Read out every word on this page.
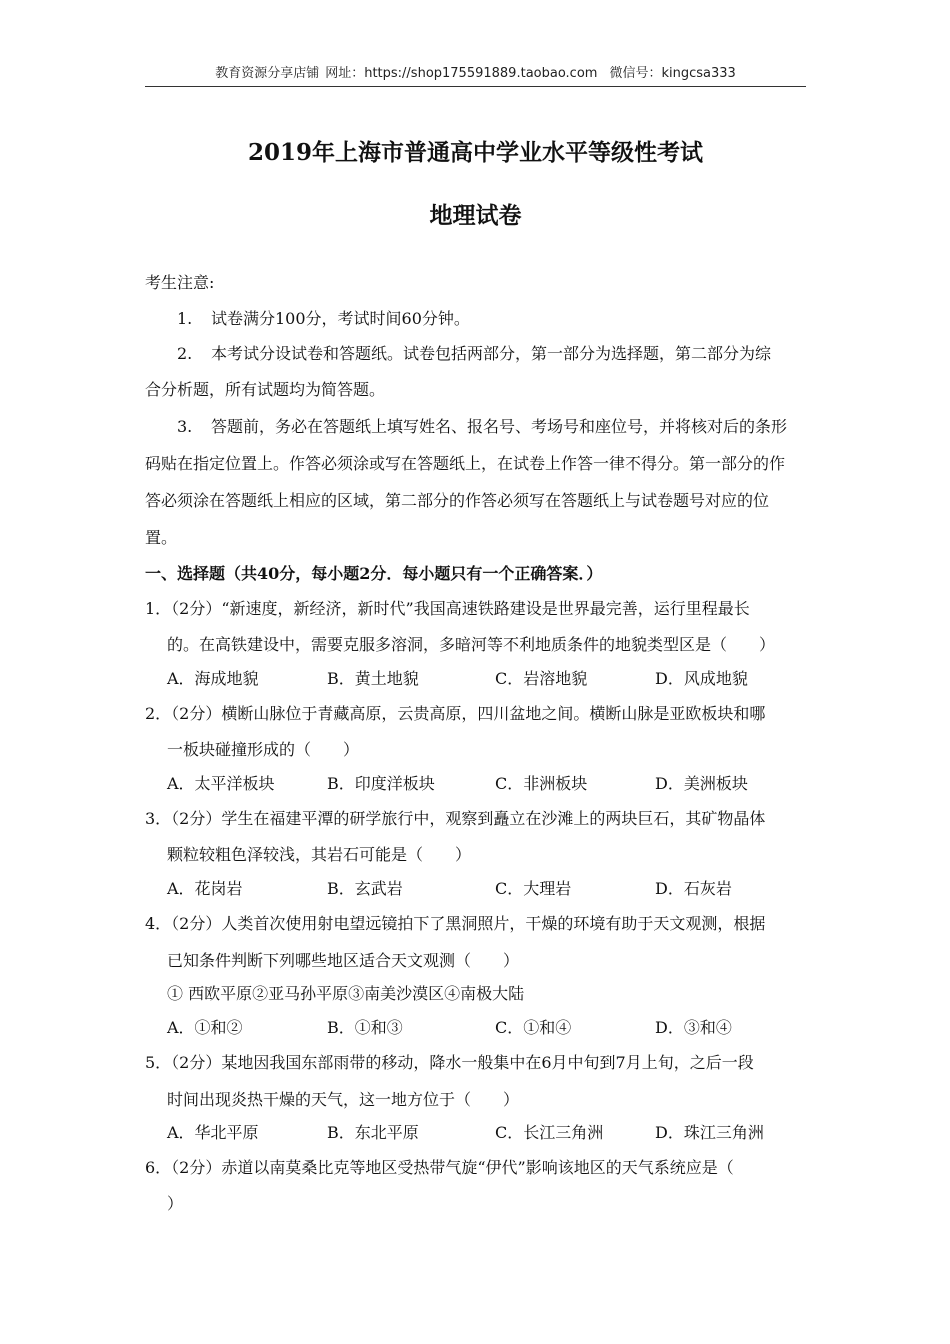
教育资源分享店铺 网址：https://shop175591889.taobao.com 微信号：kingcsa333
2019年上海市普通高中学业水平等级性考试
地理试卷
考生注意:
1. 试卷满分100分，考试时间60分钟。
2. 本考试分设试卷和答题纸。试卷包括两部分，第一部分为选择题，第二部分为综
合分析题，所有试题均为简答题。
3. 答题前，务必在答题纸上填写姓名、报名号、考场号和座位号，并将核对后的条形
码贴在指定位置上。作答必须涂或写在答题纸上，在试卷上作答一律不得分。第一部分的作
答必须涂在答题纸上相应的区域，第二部分的作答必须写在答题纸上与试卷题号对应的位
置。
一、选择题（共40分，每小题2分．每小题只有一个正确答案．）
1．（2分）“新速度，新经济，新时代”我国高速铁路建设是世界最完善，运行里程最长
的。在高铁建设中，需要克服多溶洞，多暗河等不利地质条件的地貌类型区是（　　）
A．海成地貌	B．黄土地貌	C．岩溶地貌	D．风成地貌
2．（2分）横断山脉位于青藏高原，云贵高原，四川盆地之间。横断山脉是亚欧板块和哪
一板块碰撞形成的（　　）
A．太平洋板块	B．印度洋板块	C．非洲板块	D．美洲板块
3．（2分）学生在福建平潭的研学旅行中，观察到矗立在沙滩上的两块巨石，其矿物晶体
颗粒较粗色泽较浅，其岩石可能是（　　）
A．花岗岩	B．玄武岩	C．大理岩	D．石灰岩
4．（2分）人类首次使用射电望远镜拍下了黑洞照片，干燥的环境有助于天文观测，根据
已知条件判断下列哪些地区适合天文观测（　　）
① 西欧平原②亚马孙平原③南美沙漠区④南极大陆
A．①和②	B．①和③	C．①和④	D．③和④
5．（2分）某地因我国东部雨带的移动，降水一般集中在6月中旬到7月上旬，之后一段
时间出现炎热干燥的天气，这一地方位于（　　）
A．华北平原	B．东北平原	C．长江三角洲	D．珠江三角洲
6．（2分）赤道以南莫桑比克等地区受热带气旋“伊代”影响该地区的天气系统应是（
）
